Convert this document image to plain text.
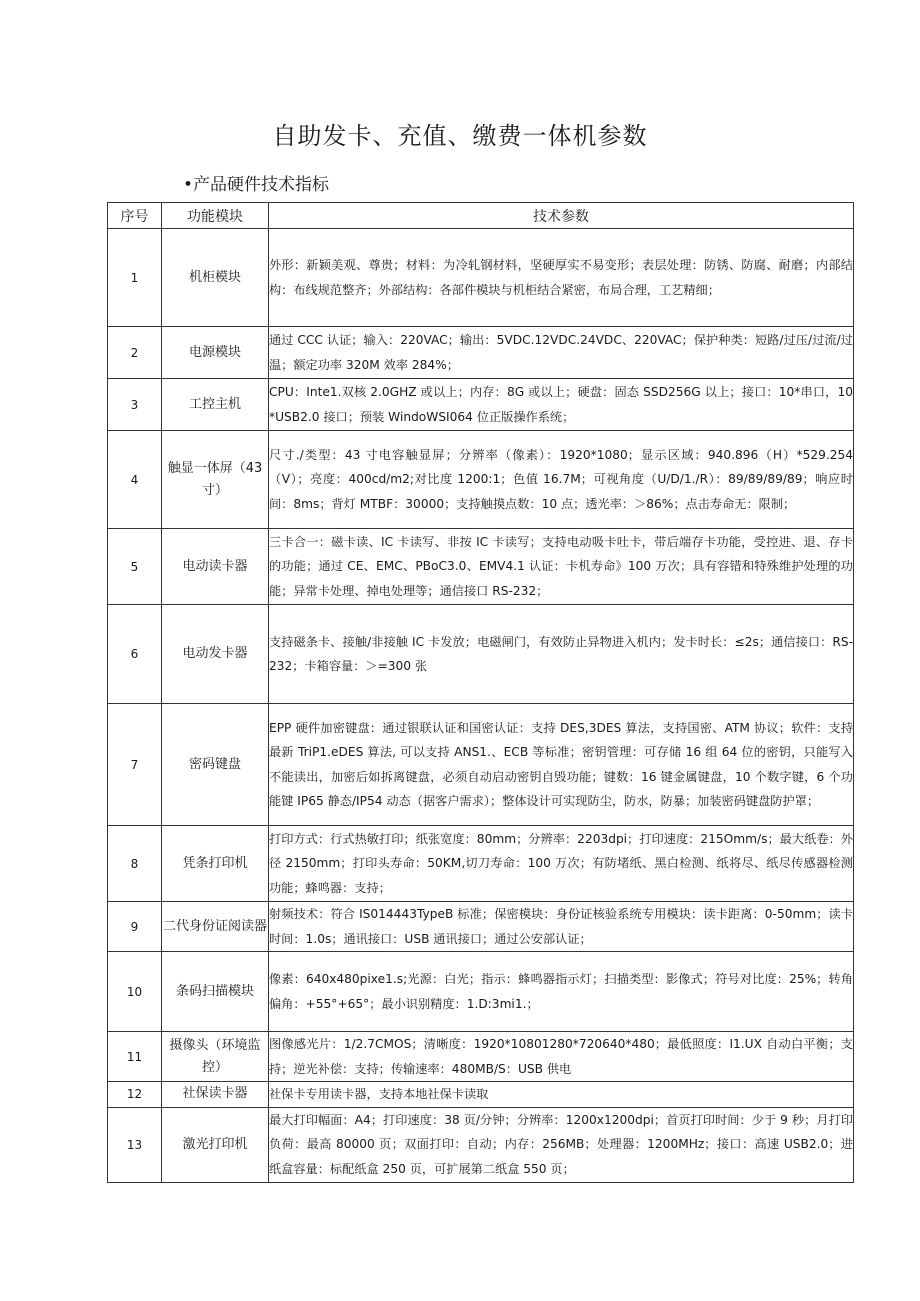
自助发卡、充值、缴费一体机参数
•产品硬件技术指标
序号	功能模块	技术参数
1	机柜模块	外形：新颖美观、尊贵；材料：为冷轧钢材料，坚硬厚实不易变形；表层处理：防锈、防腐、耐磨；内部结构：布线规范整齐；外部结构：各部件模块与机柜结合紧密，布局合理，工艺精细；
2	电源模块	通过 CCC 认证；输入：220VAC；输出：5VDC.12VDC.24VDC、220VAC；保护种类：短路/过压/过流/过温；额定功率 320M 效率 284%；
3	工控主机	CPU：Inte1.双核 2.0GHZ 或以上；内存：8G 或以上；硬盘：固态 SSD256G 以上；接口：10*串口，10*USB2.0 接口；预装 WindoWSI064 位正版操作系统；
4	触显一体屏（43寸）	尺寸./类型：43 寸电容触显屏；分辨率（像素）：1920*1080；显示区域：940.896（H）*529.254（V）；亮度：400cd/m2;对比度 1200:1；色值 16.7M；可视角度（U/D/1./R）：89/89/89/89；响应时间：8ms；背灯 MTBF：30000；支持触摸点数：10 点；透光率：＞86%；点击寿命无：限制；
5	电动读卡器	三卡合一：磁卡读、IC 卡读写、非按 IC 卡读写；支持电动吸卡吐卡，带后端存卡功能，受控进、退、存卡的功能；通过 CE、EMC、PBoC3.0、EMV4.1 认证：卡机寿命》100 万次；具有容错和特殊维护处理的功能；异常卡处理、掉电处理等；通信接口 RS-232；
6	电动发卡器	支持磁条卡、接触/非接触 IC 卡发放；电磁闸门，有效防止异物进入机内；发卡时长：≤2s；通信接口：RS-232；卡箱容量：＞=300 张
7	密码键盘	EPP 硬件加密键盘：通过银联认证和国密认证：支持 DES,3DES 算法，支持国密、ATM 协议；软件：支持最新 TriP1.eDES 算法, 可以支持 ANS1.、ECB 等标准；密钥管理：可存储 16 组 64 位的密钥，只能写入不能读出，加密后如拆离键盘，必须自动启动密钥自毁功能；键数：16 键金属键盘，10 个数字键，6 个功能键 IP65 静态/IP54 动态（据客户需求）；整体设计可实现防尘，防水，防暴；加装密码键盘防护罩；
8	凭条打印机	打印方式：行式热敏打印；纸张宽度：80mm；分辨率：2203dpi；打印速度：215Omm/s；最大纸卷：外径 2150mm；打印头寿命：50KM,切刀寿命：100 万次；有防堵纸、黑白检测、纸将尽、纸尽传感器检测功能；蜂鸣器：支持；
9	二代身份证阅读器	射频技术：符合 IS014443TypeB 标准；保密模块：身份证核验系统专用模块：读卡距离：0-50mm；读卡时间：1.0s；通讯接口：USB 通讯接口；通过公安部认证；
10	条码扫描模块	像素：640x480pixe1.s;光源：白光；指示：蜂鸣器指示灯；扫描类型：影像式；符号对比度：25%；转角偏角：+55°+65°；最小识别精度：1.D:3mi1.；
11	摄像头（环境监控）	图像感光片：1/2.7CMOS；清晰度：1920*10801280*720640*480；最低照度：I1.UX 自动白平衡；支持；逆光补偿：支持；传输速率：480MB/S：USB 供电
12	社保读卡器	社保卡专用读卡器，支持本地社保卡读取
13	激光打印机	最大打印幅面：A4；打印速度：38 页/分钟；分辨率：1200x1200dpi；首页打印时间：少于 9 秒；月打印负荷：最高 80000 页；双面打印：自动；内存：256MB；处理器：1200MHz；接口：高速 USB2.0；进纸盒容量：标配纸盒 250 页，可扩展第二纸盒 550 页；
